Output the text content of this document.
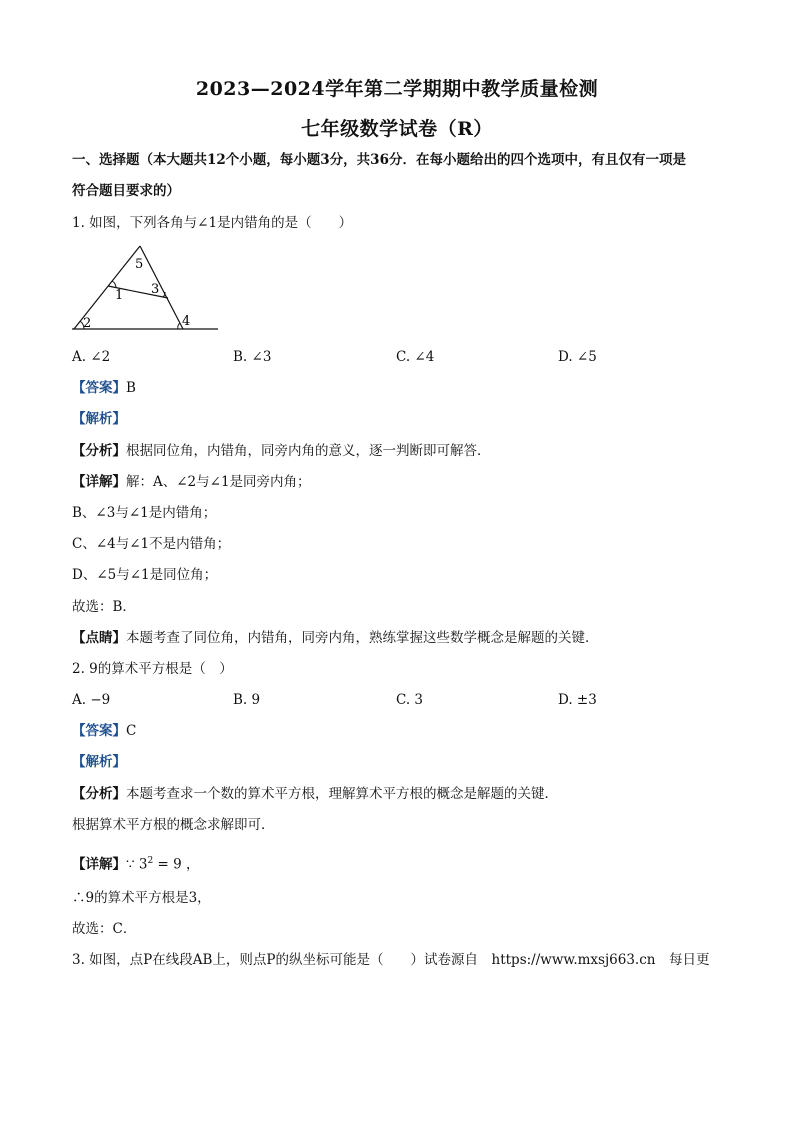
2023—2024学年第二学期期中教学质量检测
七年级数学试卷（R）
一、选择题（本大题共12个小题，每小题3分，共36分．在每小题给出的四个选项中，有且仅有一项是
符合题目要求的）
1. 如图，下列各角与∠1是内错角的是（　　）
5
1 3
2	4
A. ∠2	B. ∠3	C. ∠4	D. ∠5
【答案】B
【解析】
【分析】根据同位角，内错角，同旁内角的意义，逐一判断即可解答．
【详解】解：A、∠2与∠1是同旁内角；
B、∠3与∠1是内错角；
C、∠4与∠1不是内错角；
D、∠5与∠1是同位角；
故选：B．
【点睛】本题考查了同位角，内错角，同旁内角，熟练掌握这些数学概念是解题的关键．
2. 9的算术平方根是（　）
A. −9	B. 9	C. 3	D. ±3
【答案】C
【解析】
【分析】本题考查求一个数的算术平方根，理解算术平方根的概念是解题的关键．
根据算术平方根的概念求解即可．
【详解】∵ $3^2 = 9$ ，
∴9的算术平方根是3，
故选：C．
3. 如图，点P在线段AB上，则点P的纵坐标可能是（　　）试卷源自　https://www.mxsj663.cn　每日更
